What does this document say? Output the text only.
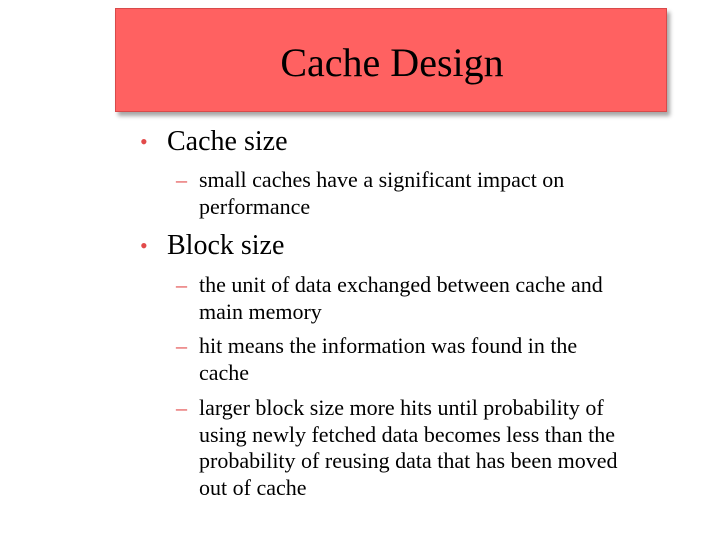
Cache Design
• Cache size
– small caches have a significant impact on
performance
• Block size
– the unit of data exchanged between cache and
main memory
– hit means the information was found in the
cache
– larger block size more hits until probability of
using newly fetched data becomes less than the
probability of reusing data that has been moved
out of cache
